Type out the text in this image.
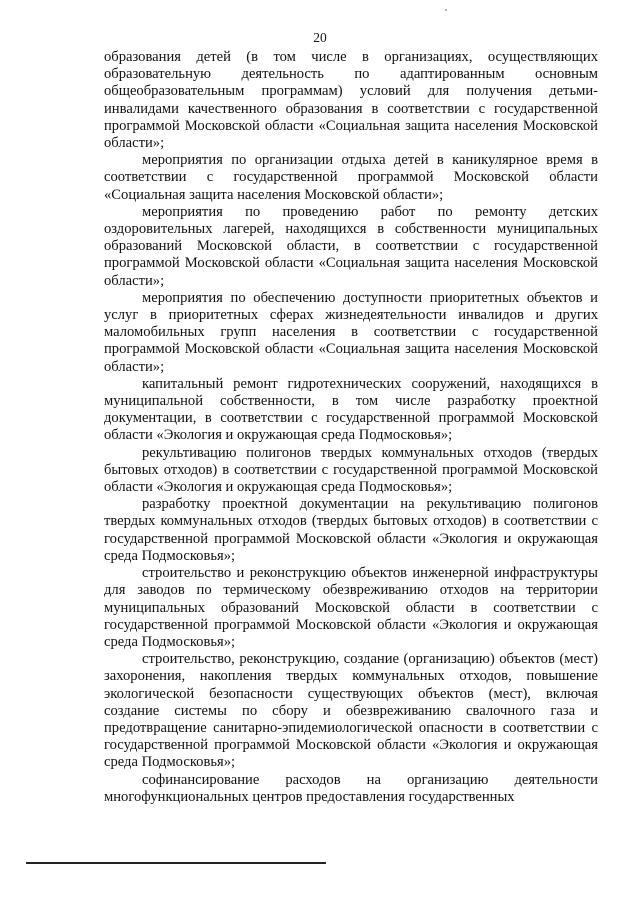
20

образования детей (в том числе в организациях, осуществляющих образовательную деятельность по адаптированным основным общеобразовательным программам) условий для получения детьми-инвалидами качественного образования в соответствии с государственной программой Московской области «Социальная защита населения Московской области»;

мероприятия по организации отдыха детей в каникулярное время в соответствии с государственной программой Московской области «Социальная защита населения Московской области»;

мероприятия по проведению работ по ремонту детских оздоровительных лагерей, находящихся в собственности муниципальных образований Московской области, в соответствии с государственной программой Московской области «Социальная защита населения Московской области»;

мероприятия по обеспечению доступности приоритетных объектов и услуг в приоритетных сферах жизнедеятельности инвалидов и других маломобильных групп населения в соответствии с государственной программой Московской области «Социальная защита населения Московской области»;

капитальный ремонт гидротехнических сооружений, находящихся в муниципальной собственности, в том числе разработку проектной документации, в соответствии с государственной программой Московской области «Экология и окружающая среда Подмосковья»;

рекультивацию полигонов твердых коммунальных отходов (твердых бытовых отходов) в соответствии с государственной программой Московской области «Экология и окружающая среда Подмосковья»;

разработку проектной документации на рекультивацию полигонов твердых коммунальных отходов (твердых бытовых отходов) в соответствии с государственной программой Московской области «Экология и окружающая среда Подмосковья»;

строительство и реконструкцию объектов инженерной инфраструктуры для заводов по термическому обезвреживанию отходов на территории муниципальных образований Московской области в соответствии с государственной программой Московской области «Экология и окружающая среда Подмосковья»;

строительство, реконструкцию, создание (организацию) объектов (мест) захоронения, накопления твердых коммунальных отходов, повышение экологической безопасности существующих объектов (мест), включая создание системы по сбору и обезвреживанию свалочного газа и предотвращение санитарно-эпидемиологической опасности в соответствии с государственной программой Московской области «Экология и окружающая среда Подмосковья»;

софинансирование расходов на организацию деятельности многофункциональных центров предоставления государственных
